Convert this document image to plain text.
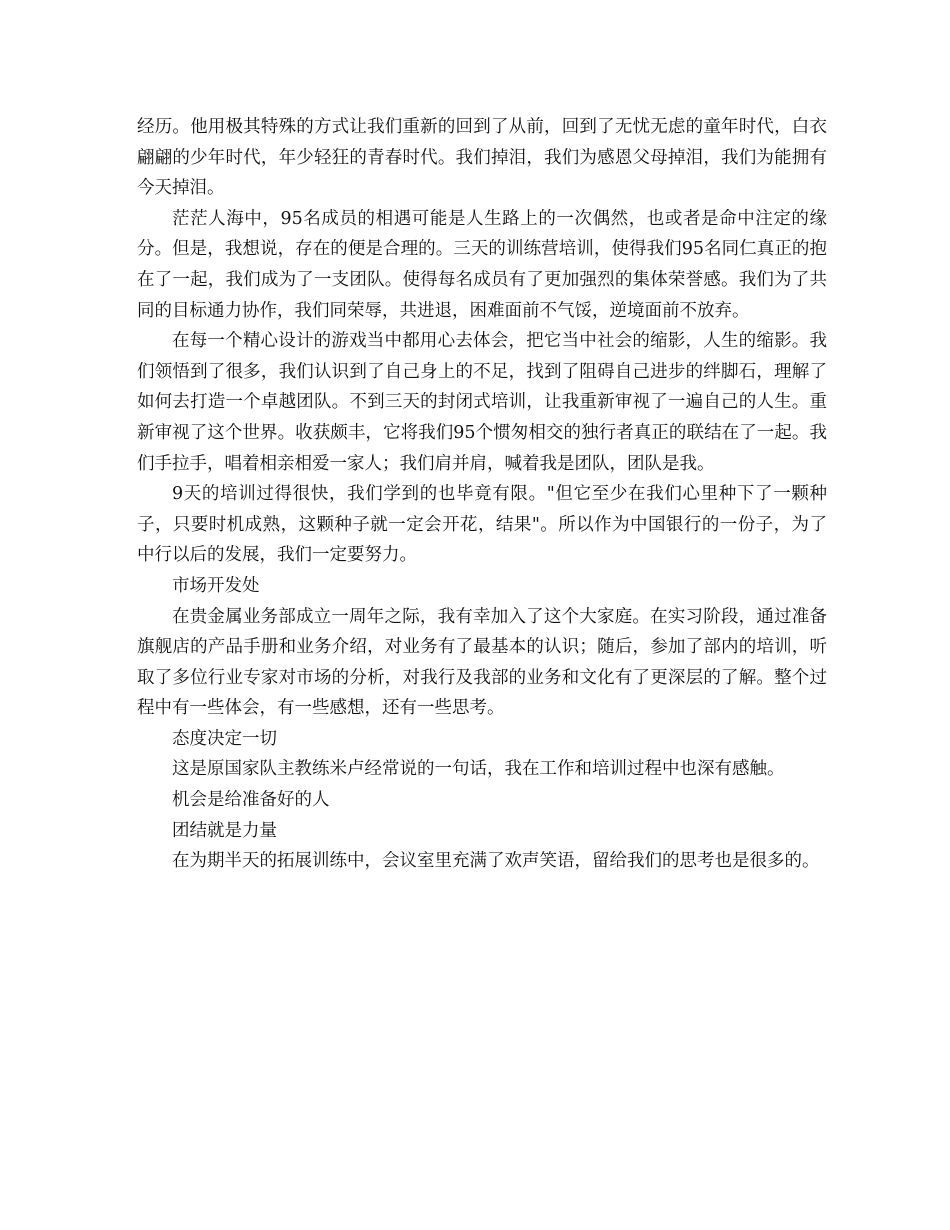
经历。他用极其特殊的方式让我们重新的回到了从前，回到了无忧无虑的童年时代，白衣翩翩的少年时代，年少轻狂的青春时代。我们掉泪，我们为感恩父母掉泪，我们为能拥有今天掉泪。

茫茫人海中，95名成员的相遇可能是人生路上的一次偶然，也或者是命中注定的缘分。但是，我想说，存在的便是合理的。三天的训练营培训，使得我们95名同仁真正的抱在了一起，我们成为了一支团队。使得每名成员有了更加强烈的集体荣誉感。我们为了共同的目标通力协作，我们同荣辱，共进退，困难面前不气馁，逆境面前不放弃。

在每一个精心设计的游戏当中都用心去体会，把它当中社会的缩影，人生的缩影。我们领悟到了很多，我们认识到了自己身上的不足，找到了阻碍自己进步的绊脚石，理解了如何去打造一个卓越团队。不到三天的封闭式培训，让我重新审视了一遍自己的人生。重新审视了这个世界。收获颇丰，它将我们95个惯匆相交的独行者真正的联结在了一起。我们手拉手，唱着相亲相爱一家人；我们肩并肩，喊着我是团队，团队是我。

9天的培训过得很快，我们学到的也毕竟有限。"但它至少在我们心里种下了一颗种子，只要时机成熟，这颗种子就一定会开花，结果"。所以作为中国银行的一份子，为了中行以后的发展，我们一定要努力。

市场开发处

在贵金属业务部成立一周年之际，我有幸加入了这个大家庭。在实习阶段，通过准备旗舰店的产品手册和业务介绍，对业务有了最基本的认识；随后，参加了部内的培训，听取了多位行业专家对市场的分析，对我行及我部的业务和文化有了更深层的了解。整个过程中有一些体会，有一些感想，还有一些思考。

态度决定一切

这是原国家队主教练米卢经常说的一句话，我在工作和培训过程中也深有感触。

机会是给准备好的人

团结就是力量

在为期半天的拓展训练中，会议室里充满了欢声笑语，留给我们的思考也是很多的。
